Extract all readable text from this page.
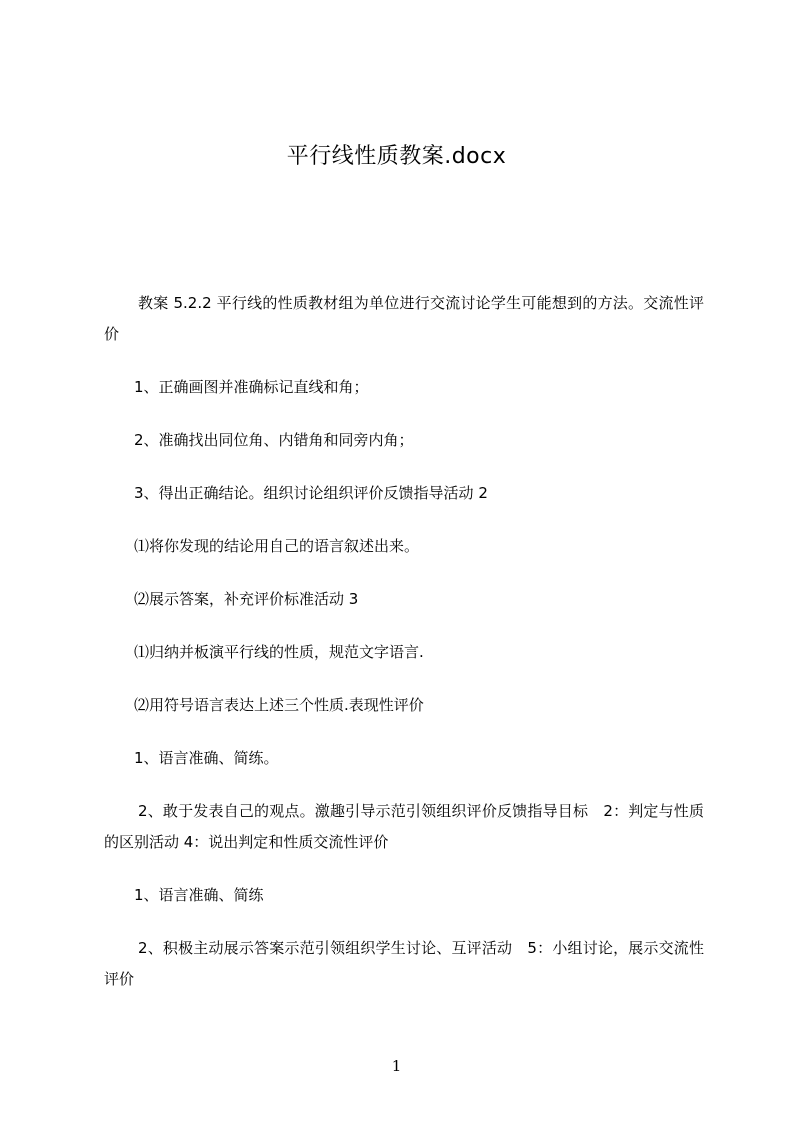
平行线性质教案.docx

教案 5.2.2 平行线的性质教材组为单位进行交流讨论学生可能想到的方法。交流性评价

1、正确画图并准确标记直线和角；

2、准确找出同位角、内错角和同旁内角；

3、得出正确结论。组织讨论组织评价反馈指导活动 2

⑴将你发现的结论用自己的语言叙述出来。

⑵展示答案，补充评价标准活动 3

⑴归纳并板演平行线的性质，规范文字语言.

⑵用符号语言表达上述三个性质.表现性评价

1、语言准确、简练。

2、敢于发表自己的观点。激趣引导示范引领组织评价反馈指导目标　2：判定与性质的区别活动 4：说出判定和性质交流性评价

1、语言准确、简练

2、积极主动展示答案示范引领组织学生讨论、互评活动　5：小组讨论，展示交流性评价

1
